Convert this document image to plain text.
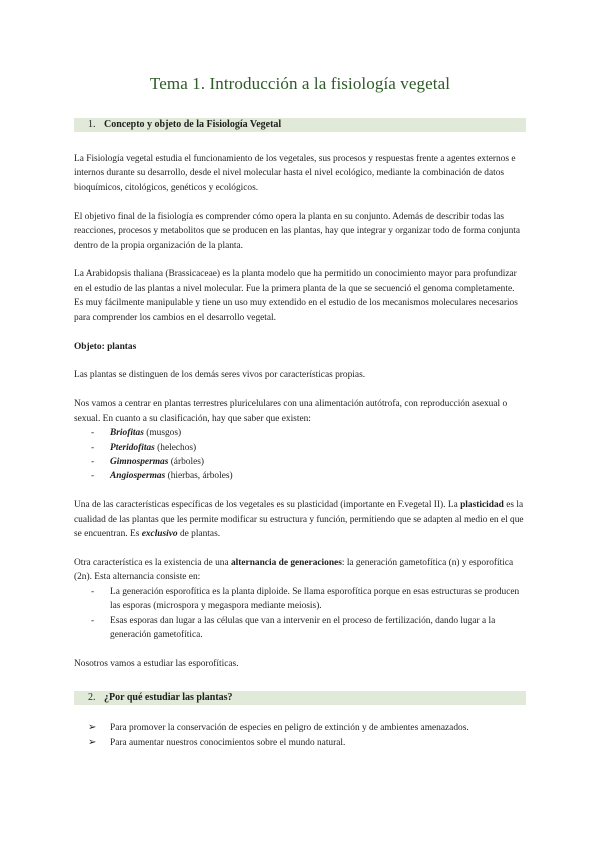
Tema 1. Introducción a la fisiología vegetal
1. Concepto y objeto de la Fisiología Vegetal

La Fisiología vegetal estudia el funcionamiento de los vegetales, sus procesos y respuestas frente a agentes externos e internos durante su desarrollo, desde el nivel molecular hasta el nivel ecológico, mediante la combinación de datos bioquímicos, citológicos, genéticos y ecológicos.

El objetivo final de la fisiología es comprender cómo opera la planta en su conjunto. Además de describir todas las reacciones, procesos y metabolitos que se producen en las plantas, hay que integrar y organizar todo de forma conjunta dentro de la propia organización de la planta.

La Arabidopsis thaliana (Brassicaceae) es la planta modelo que ha permitido un conocimiento mayor para profundizar en el estudio de las plantas a nivel molecular. Fue la primera planta de la que se secuenció el genoma completamente. Es muy fácilmente manipulable y tiene un uso muy extendido en el estudio de los mecanismos moleculares necesarios para comprender los cambios en el desarrollo vegetal.

Objeto: plantas

Las plantas se distinguen de los demás seres vivos por características propias.

Nos vamos a centrar en plantas terrestres pluricelulares con una alimentación autótrofa, con reproducción asexual o sexual. En cuanto a su clasificación, hay que saber que existen:

- Briofitas (musgos)
- Pteridofitas (helechos)
- Gimnospermas (árboles)
- Angiospermas (hierbas, árboles)

Una de las características específicas de los vegetales es su plasticidad (importante en F.vegetal II). La plasticidad es la cualidad de las plantas que les permite modificar su estructura y función, permitiendo que se adapten al medio en el que se encuentran. Es exclusivo de plantas.

Otra característica es la existencia de una alternancia de generaciones: la generación gametofítica (n) y esporofítica (2n). Esta alternancia consiste en:

- La generación esporofítica es la planta diploide. Se llama esporofítica porque en esas estructuras se producen las esporas (microspora y megaspora mediante meiosis).
- Esas esporas dan lugar a las células que van a intervenir en el proceso de fertilización, dando lugar a la generación gametofítica.

Nosotros vamos a estudiar las esporofíticas.

2. ¿Por qué estudiar las plantas?
➢ Para promover la conservación de especies en peligro de extinción y de ambientes amenazados.
➢ Para aumentar nuestros conocimientos sobre el mundo natural.
